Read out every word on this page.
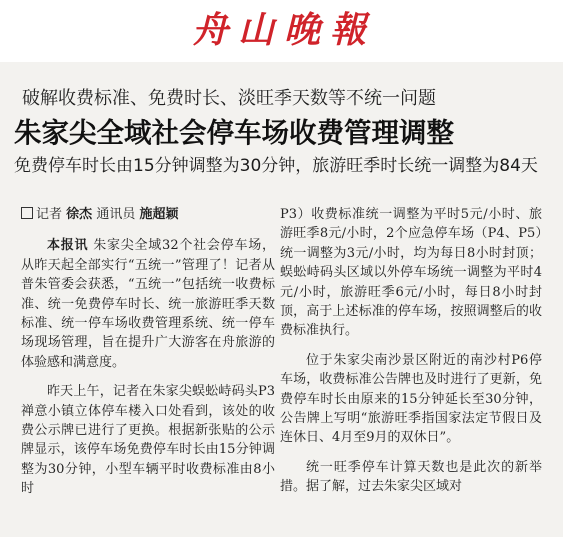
舟山晚報
破解收费标准、免费时长、淡旺季天数等不统一问题
朱家尖全域社会停车场收费管理调整
免费停车时长由15分钟调整为30分钟，旅游旺季时长统一调整为84天
记者 徐杰 通讯员 施超颖

本报讯 朱家尖全域32个社会停车场，从昨天起全部实行“五统一”管理了！记者从普朱管委会获悉，“五统一”包括统一收费标准、统一免费停车时长、统一旅游旺季天数标准、统一停车场收费管理系统、统一停车场现场管理，旨在提升广大游客在舟旅游的体验感和满意度。

昨天上午，记者在朱家尖蜈蚣峙码头P3禅意小镇立体停车楼入口处看到，该处的收费公示牌已进行了更换。根据新张贴的公示牌显示，该停车场免费停车时长由15分钟调整为30分钟，小型车辆平时收费标准由8小时

P3）收费标准统一调整为平时5元/小时、旅游旺季8元/小时，2个应急停车场（P4、P5）统一调整为3元/小时，均为每日8小时封顶；蜈蚣峙码头区域以外停车场统一调整为平时4元/小时，旅游旺季6元/小时，每日8小时封顶，高于上述标准的停车场，按照调整后的收费标准执行。

位于朱家尖南沙景区附近的南沙村P6停车场，收费标准公告牌也及时进行了更新，免费停车时长由原来的15分钟延长至30分钟，公告牌上写明“旅游旺季指国家法定节假日及连休日、4月至9月的双休日”。

统一旺季停车计算天数也是此次的新举措。据了解，过去朱家尖区域对
